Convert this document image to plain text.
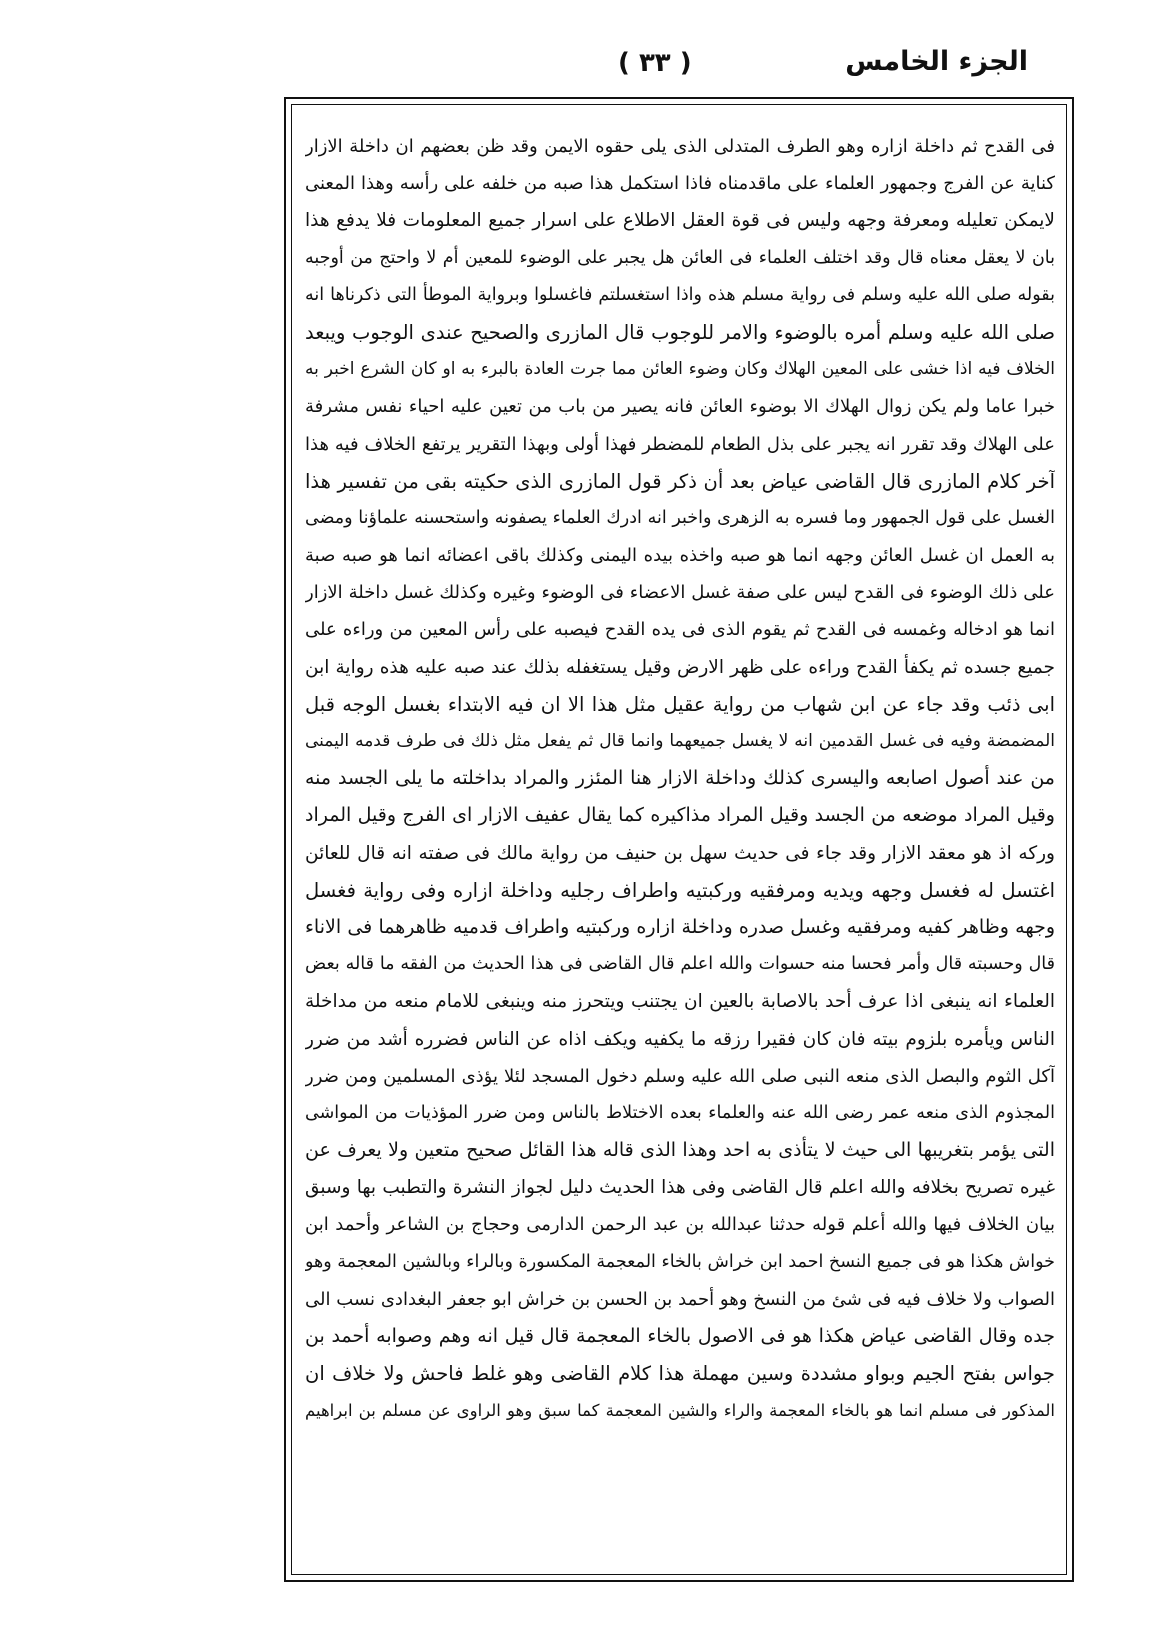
الجزء الخامس
( ٣٣ )
فى القدح ثم داخلة ازاره وهو الطرف المتدلى الذى يلى حقوه الايمن وقد ظن بعضهم ان داخلة الازار
كناية عن الفرج وجمهور العلماء على ماقدمناه فاذا استكمل هذا صبه من خلفه على رأسه وهذا المعنى
لايمكن تعليله ومعرفة وجهه وليس فى قوة العقل الاطلاع على اسرار جميع المعلومات فلا يدفع هذا
بان لا يعقل معناه قال وقد اختلف العلماء فى العائن هل يجبر على الوضوء للمعين أم لا واحتج من أوجبه
بقوله صلى الله عليه وسلم فى رواية مسلم هذه واذا استغسلتم فاغسلوا وبرواية الموطأ التى ذكرناها انه
صلى الله عليه وسلم أمره بالوضوء والامر للوجوب قال المازرى والصحيح عندى الوجوب ويبعد
الخلاف فيه اذا خشى على المعين الهلاك وكان وضوء العائن مما جرت العادة بالبرء به او كان الشرع اخبر به
خبرا عاما ولم يكن زوال الهلاك الا بوضوء العائن فانه يصير من باب من تعين عليه احياء نفس مشرفة
على الهلاك وقد تقرر انه يجبر على بذل الطعام للمضطر فهذا أولى وبهذا التقرير يرتفع الخلاف فيه هذا
آخر كلام المازرى قال القاضى عياض بعد أن ذكر قول المازرى الذى حكيته بقى من تفسير هذا
الغسل على قول الجمهور وما فسره به الزهرى واخبر انه ادرك العلماء يصفونه واستحسنه علماؤنا ومضى
به العمل ان غسل العائن وجهه انما هو صبه واخذه بيده اليمنى وكذلك باقى اعضائه انما هو صبه صبة
على ذلك الوضوء فى القدح ليس على صفة غسل الاعضاء فى الوضوء وغيره وكذلك غسل داخلة الازار
انما هو ادخاله وغمسه فى القدح ثم يقوم الذى فى يده القدح فيصبه على رأس المعين من وراءه على
جميع جسده ثم يكفأ القدح وراءه على ظهر الارض وقيل يستغفله بذلك عند صبه عليه هذه رواية ابن
ابى ذئب وقد جاء عن ابن شهاب من رواية عقيل مثل هذا الا ان فيه الابتداء بغسل الوجه قبل
المضمضة وفيه فى غسل القدمين انه لا يغسل جميعهما وانما قال ثم يفعل مثل ذلك فى طرف قدمه اليمنى
من عند أصول اصابعه واليسرى كذلك وداخلة الازار هنا المئزر والمراد بداخلته ما يلى الجسد منه
وقيل المراد موضعه من الجسد وقيل المراد مذاكيره كما يقال عفيف الازار اى الفرج وقيل المراد
وركه اذ هو معقد الازار وقد جاء فى حديث سهل بن حنيف من رواية مالك فى صفته انه قال للعائن
اغتسل له فغسل وجهه ويديه ومرفقيه وركبتيه واطراف رجليه وداخلة ازاره وفى رواية فغسل
وجهه وظاهر كفيه ومرفقيه وغسل صدره وداخلة ازاره وركبتيه واطراف قدميه ظاهرهما فى الاناء
قال وحسبته قال وأمر فحسا منه حسوات والله اعلم قال القاضى فى هذا الحديث من الفقه ما قاله بعض
العلماء انه ينبغى اذا عرف أحد بالاصابة بالعين ان يجتنب ويتحرز منه وينبغى للامام منعه من مداخلة
الناس ويأمره بلزوم بيته فان كان فقيرا رزقه ما يكفيه ويكف اذاه عن الناس فضرره أشد من ضرر
آكل الثوم والبصل الذى منعه النبى صلى الله عليه وسلم دخول المسجد لئلا يؤذى المسلمين ومن ضرر
المجذوم الذى منعه عمر رضى الله عنه والعلماء بعده الاختلاط بالناس ومن ضرر المؤذيات من المواشى
التى يؤمر بتغريبها الى حيث لا يتأذى به احد وهذا الذى قاله هذا القائل صحيح متعين ولا يعرف عن
غيره تصريح بخلافه والله اعلم قال القاضى وفى هذا الحديث دليل لجواز النشرة والتطبب بها وسبق
بيان الخلاف فيها والله أعلم قوله حدثنا عبدالله بن عبد الرحمن الدارمى وحجاج بن الشاعر وأحمد ابن
خواش هكذا هو فى جميع النسخ احمد ابن خراش بالخاء المعجمة المكسورة وبالراء وبالشين المعجمة وهو
الصواب ولا خلاف فيه فى شئ من النسخ وهو أحمد بن الحسن بن خراش ابو جعفر البغدادى نسب الى
جده وقال القاضى عياض هكذا هو فى الاصول بالخاء المعجمة قال قيل انه وهم وصوابه أحمد بن
جواس بفتح الجيم وبواو مشددة وسين مهملة هذا كلام القاضى وهو غلط فاحش ولا خلاف ان
المذكور فى مسلم انما هو بالخاء المعجمة والراء والشين المعجمة كما سبق وهو الراوى عن مسلم بن ابراهيم
